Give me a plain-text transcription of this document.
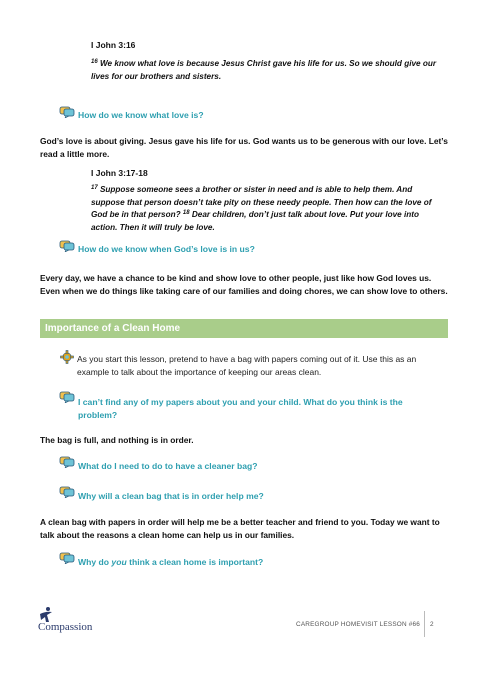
I John 3:16
$^{16}$ We know what love is because Jesus Christ gave his life for us. So we should give our lives for our brothers and sisters.
How do we know what love is?
God’s love is about giving. Jesus gave his life for us. God wants us to be generous with our love. Let’s read a little more.
I John 3:17-18
$^{17}$ Suppose someone sees a brother or sister in need and is able to help them. And suppose that person doesn’t take pity on these needy people. Then how can the love of God be in that person? $^{18}$ Dear children, don’t just talk about love. Put your love into action. Then it will truly be love.
How do we know when God’s love is in us?
Every day, we have a chance to be kind and show love to other people, just like how God loves us. Even when we do things like taking care of our families and doing chores, we can show love to others.
Importance of a Clean Home
As you start this lesson, pretend to have a bag with papers coming out of it. Use this as an example to talk about the importance of keeping our areas clean.
I can’t find any of my papers about you and your child. What do you think is the problem?
The bag is full, and nothing is in order.
What do I need to do to have a cleaner bag?
Why will a clean bag that is in order help me?
A clean bag with papers in order will help me be a better teacher and friend to you. Today we want to talk about the reasons a clean home can help us in our families.
Why do you think a clean home is important?
Compassion	CAREGROUP HOMEVISIT LESSON #66 2
